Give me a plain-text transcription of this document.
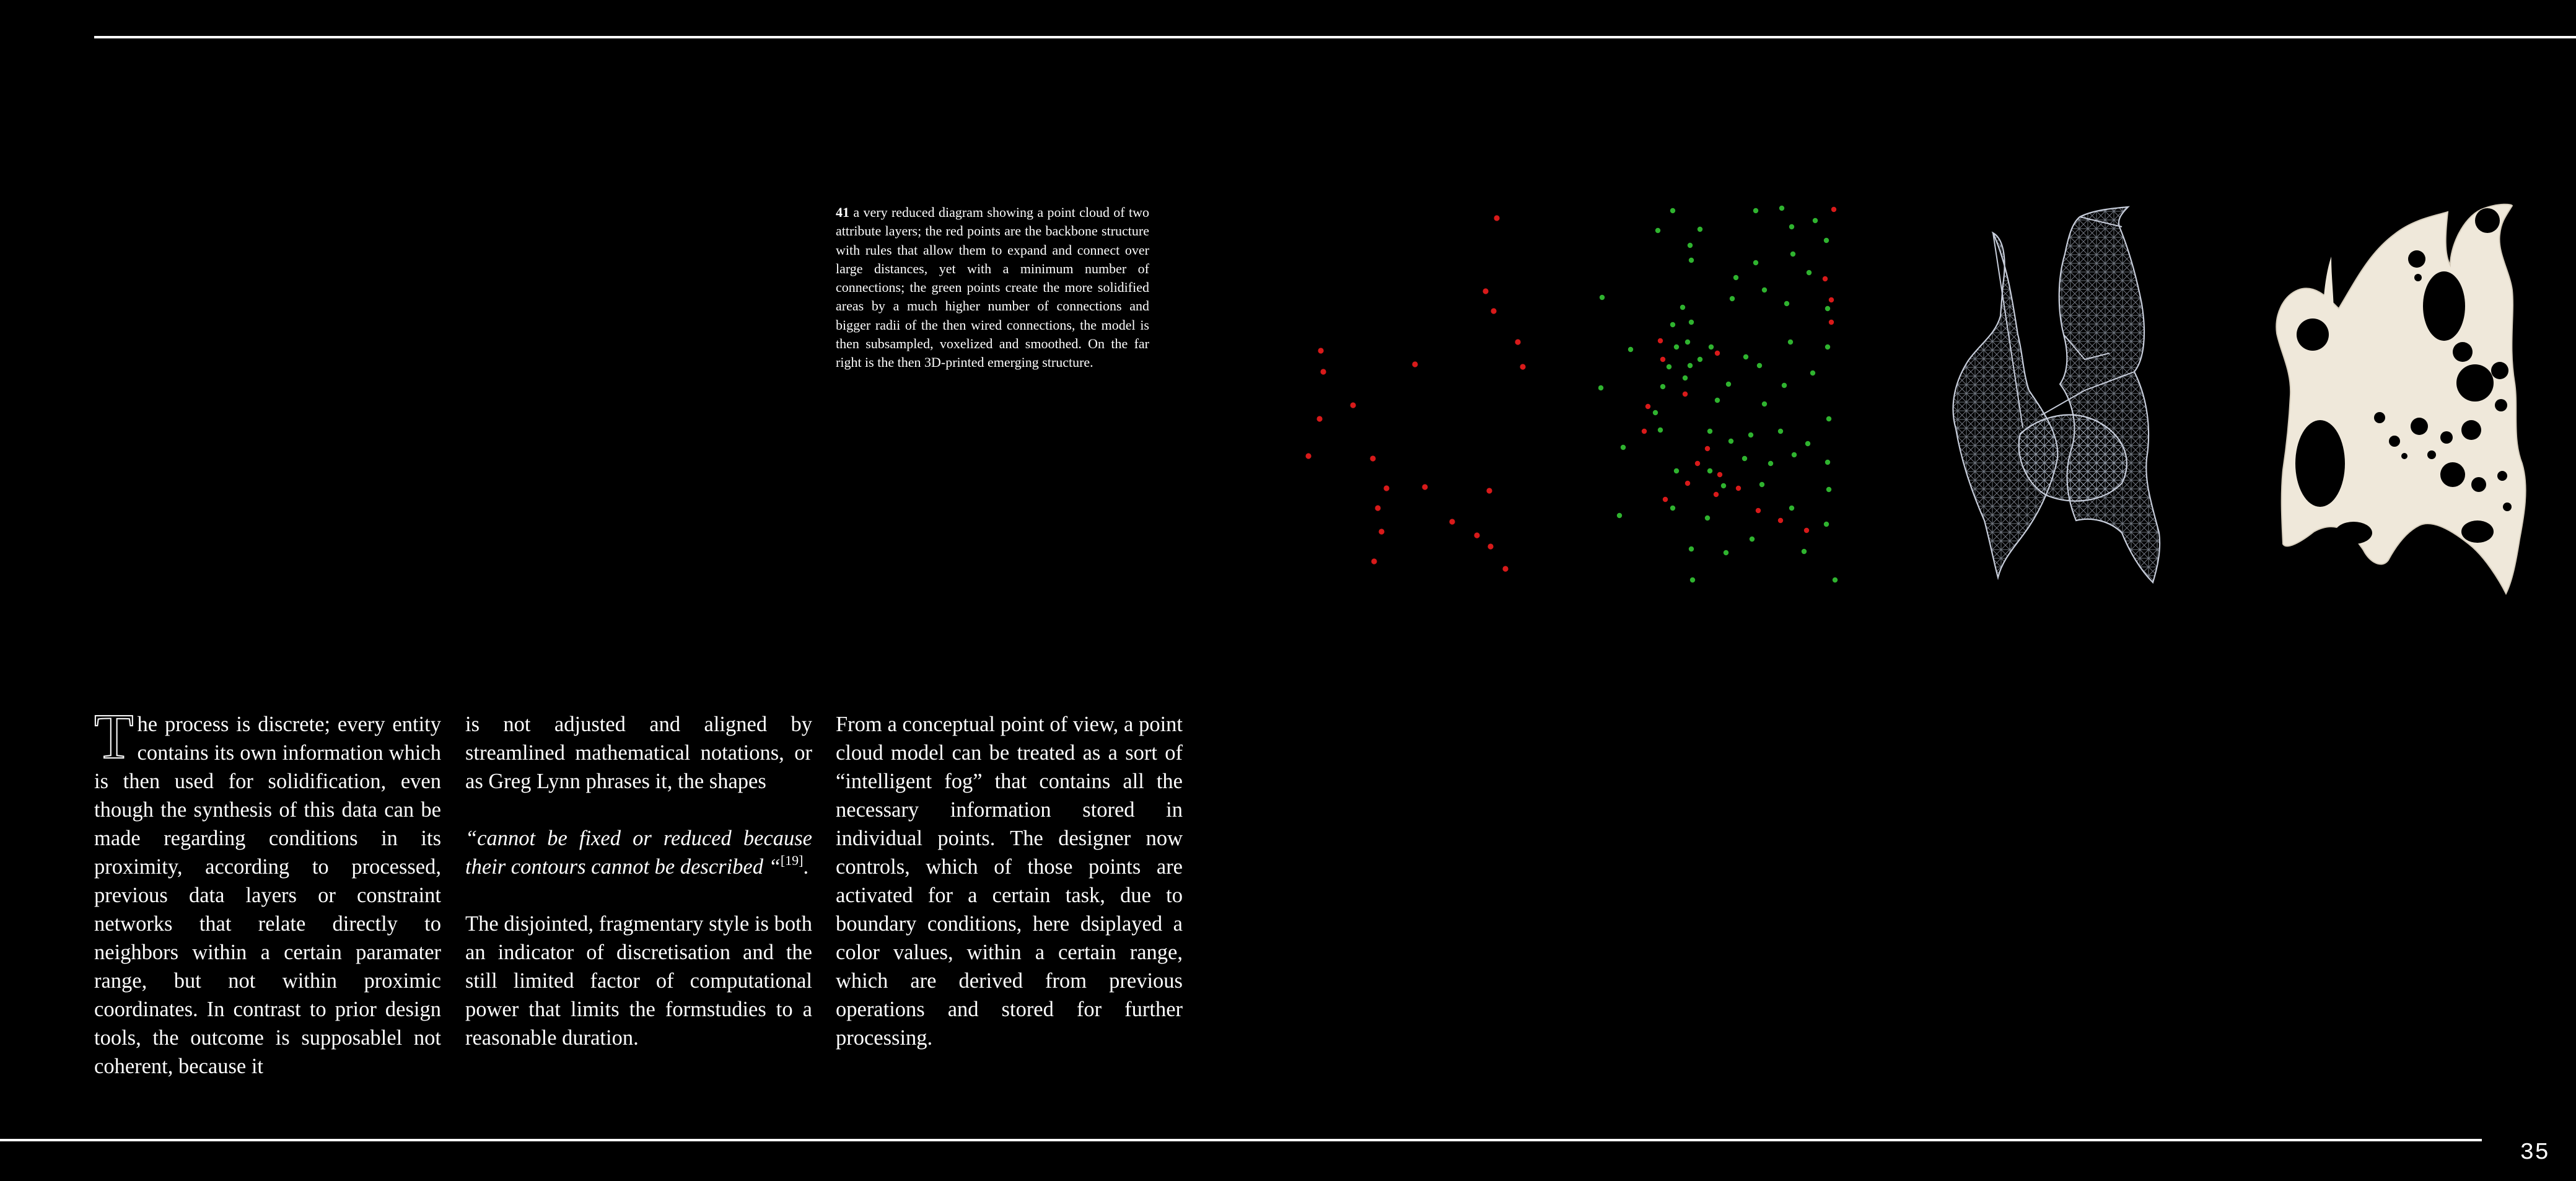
41 a very reduced diagram showing a point cloud of two attribute layers; the red points are the backbone structure with rules that allow them to expand and connect over large distances, yet with a minimum number of connections; the green points create the more solidified areas by a much higher number of connections and bigger radii of the then wired connections, the model is then subsampled, voxelized and smoothed. On the far right is the then 3D-printed emerging structure.

The process is discrete; every entity contains its own information which is then used for solidification, even though the synthesis of this data can be made regarding conditions in its proximity, according to processed, previous data layers or constraint networks that relate directly to neighbors within a certain paramater range, but not within proximic coordinates. In contrast to prior design tools, the outcome is supposablel not coherent, because it

is not adjusted and aligned by streamlined mathematical notations, or as Greg Lynn phrases it, the shapes

“cannot be fixed or reduced because their contours cannot be described “[19].

The disjointed, fragmentary style is both an indicator of discretisation and the still limited factor of computational power that limits the formstudies to a reasonable duration.

From a conceptual point of view, a point cloud model can be treated as a sort of “intelligent fog” that contains all the necessary information stored in individual points. The designer now controls, which of those points are activated for a certain task, due to boundary conditions, here dsiplayed a color values, within a certain range, which are derived from previous operations and stored for further processing.

35
